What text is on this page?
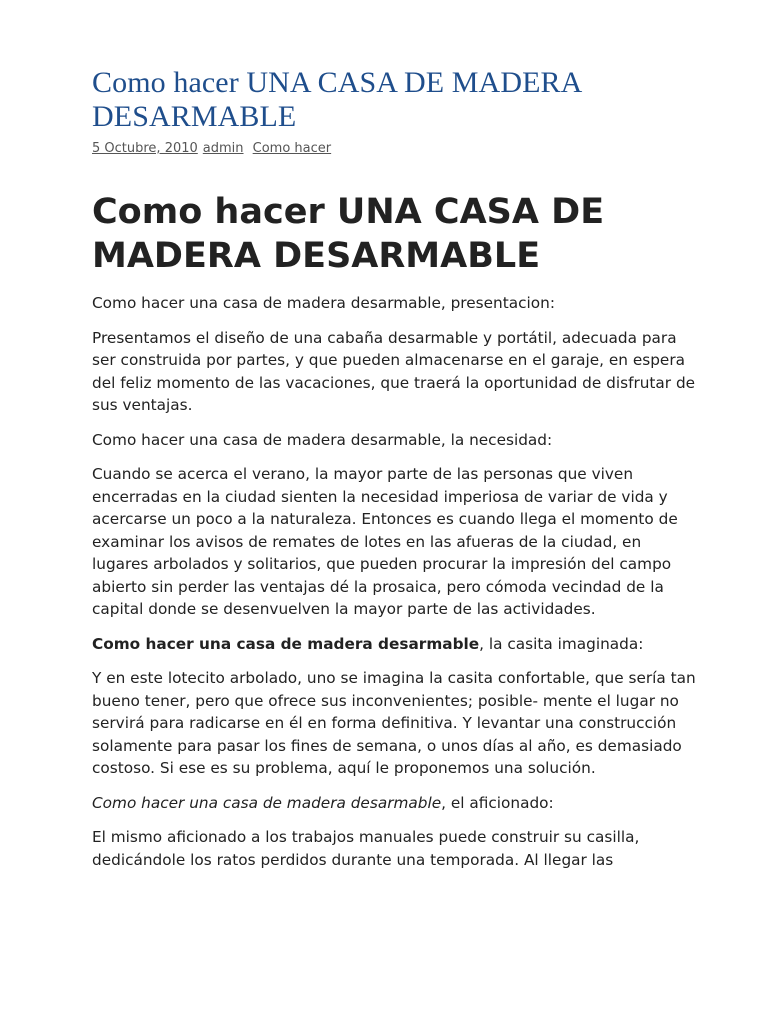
Como hacer UNA CASA DE MADERA DESARMABLE
5 Octubre, 2010 admin Como hacer
Como hacer UNA CASA DE MADERA DESARMABLE

Como hacer una casa de madera desarmable, presentacion:

Presentamos el diseño de una cabaña desarmable y portátil, adecuada para ser construida por partes, y que pueden almacenarse en el garaje, en espera del feliz momento de las vacaciones, que traerá la oportunidad de disfrutar de sus ventajas.

Como hacer una casa de madera desarmable, la necesidad:

Cuando se acerca el verano, la mayor parte de las personas que viven encerradas en la ciudad sienten la necesidad imperiosa de variar de vida y acercarse un poco a la naturaleza. Entonces es cuando llega el momento de examinar los avisos de remates de lotes en las afueras de la ciudad, en lugares arbolados y solitarios, que pueden procurar la impresión del campo abierto sin perder las ventajas dé la prosaica, pero cómoda vecindad de la capital donde se desenvuelven la mayor parte de las actividades.

Como hacer una casa de madera desarmable, la casita imaginada:

Y en este lotecito arbolado, uno se imagina la casita confortable, que sería tan bueno tener, pero que ofrece sus inconvenientes; posible- mente el lugar no servirá para radicarse en él en forma definitiva. Y levantar una construcción solamente para pasar los fines de semana, o unos días al año, es demasiado costoso. Si ese es su problema, aquí le proponemos una solución.

Como hacer una casa de madera desarmable, el aficionado:

El mismo aficionado a los trabajos manuales puede construir su casilla, dedicándole los ratos perdidos durante una temporada. Al llegar las
